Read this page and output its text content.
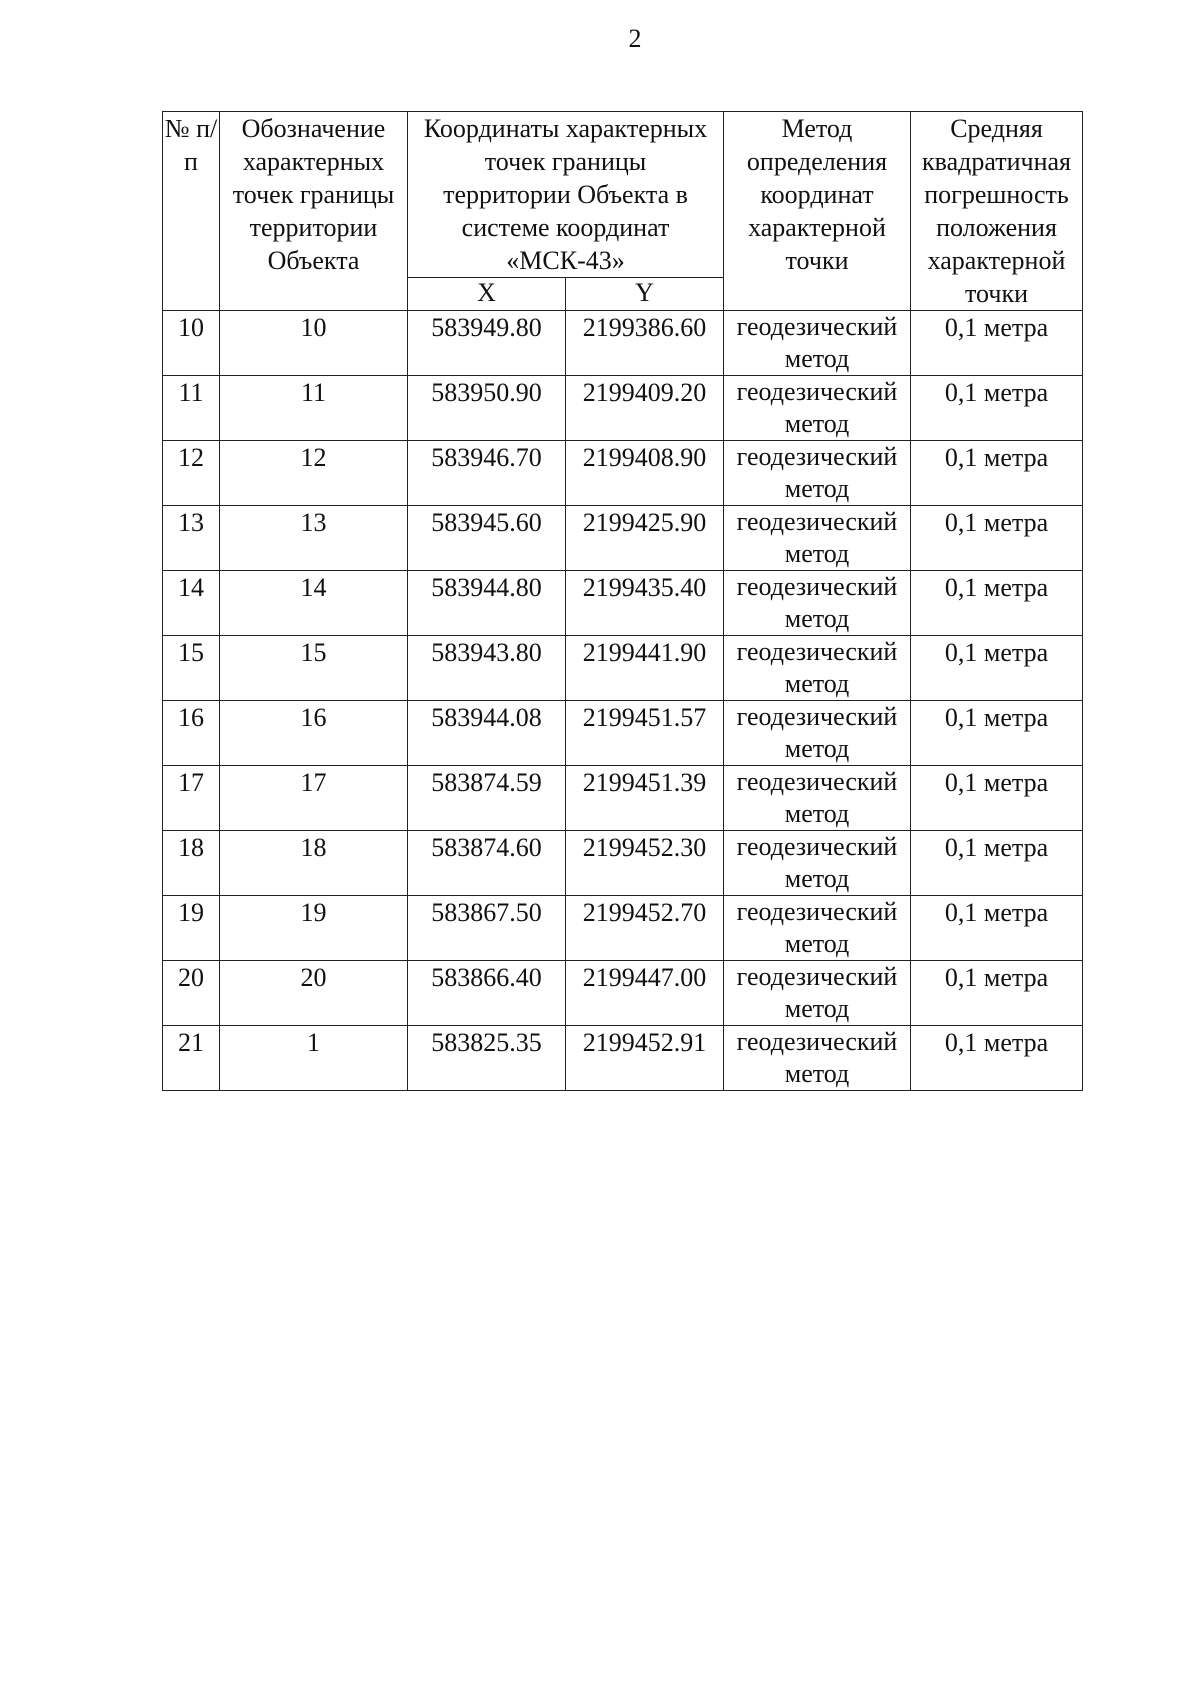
2
№ п/п	Обозначение характерных точек границы территории Объекта	Координаты характерных точек границы территории Объекта в системе координат «МСК-43»		Метод определения координат характерной точки	Средняя квадратичная погрешность положения характерной точки
		X	Y		
10	10	583949.80	2199386.60	геодезический метод	0,1 метра
11	11	583950.90	2199409.20	геодезический метод	0,1 метра
12	12	583946.70	2199408.90	геодезический метод	0,1 метра
13	13	583945.60	2199425.90	геодезический метод	0,1 метра
14	14	583944.80	2199435.40	геодезический метод	0,1 метра
15	15	583943.80	2199441.90	геодезический метод	0,1 метра
16	16	583944.08	2199451.57	геодезический метод	0,1 метра
17	17	583874.59	2199451.39	геодезический метод	0,1 метра
18	18	583874.60	2199452.30	геодезический метод	0,1 метра
19	19	583867.50	2199452.70	геодезический метод	0,1 метра
20	20	583866.40	2199447.00	геодезический метод	0,1 метра
21	1	583825.35	2199452.91	геодезический метод	0,1 метра
